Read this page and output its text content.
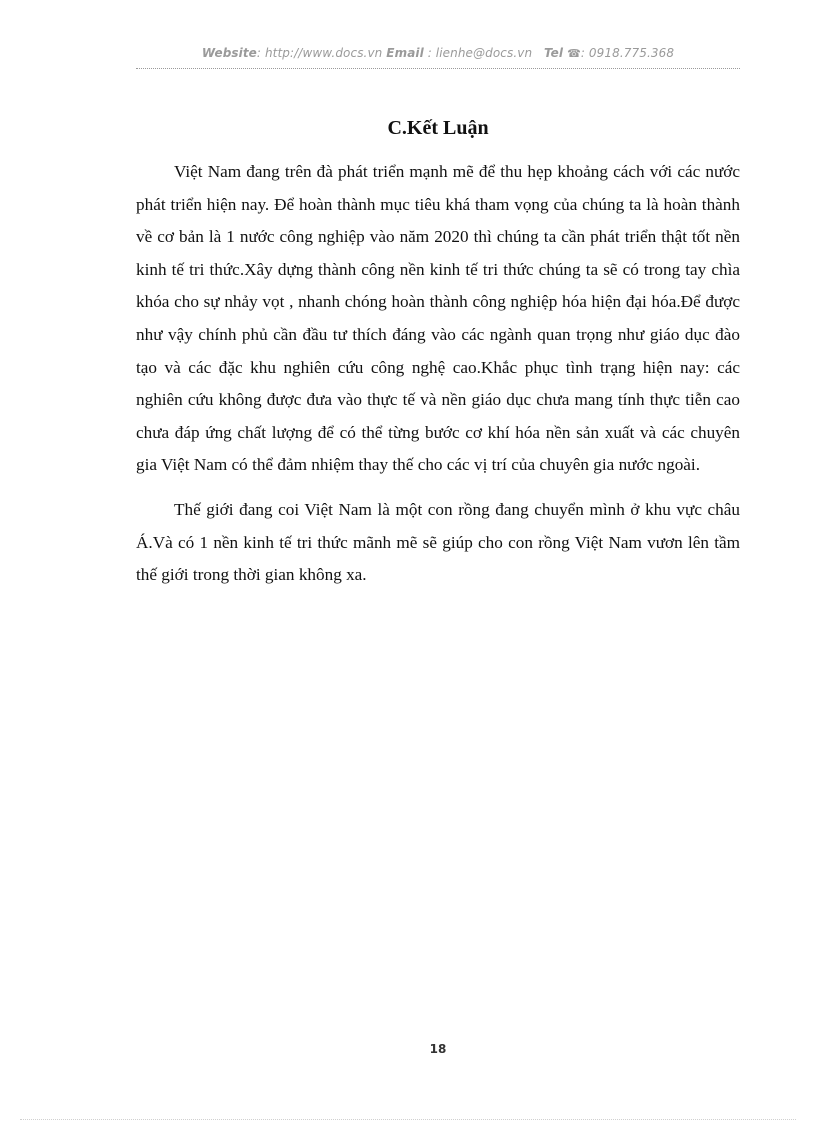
Website: http://www.docs.vn Email : lienhe@docs.vn Tel ☎: 0918.775.368
C.Kết Luận

Việt Nam đang trên đà phát triển mạnh mẽ để thu hẹp khoảng cách với các nước phát triển hiện nay. Để hoàn thành mục tiêu khá tham vọng của chúng ta là hoàn thành về cơ bản là 1 nước công nghiệp vào năm 2020 thì chúng ta cần phát triển thật tốt nền kinh tế tri thức.Xây dựng thành công nền kinh tế tri thức chúng ta sẽ có trong tay chìa khóa cho sự nhảy vọt , nhanh chóng hoàn thành công nghiệp hóa hiện đại hóa.Để được như vậy chính phủ cần đầu tư thích đáng vào các ngành quan trọng như giáo dục đào tạo và các đặc khu nghiên cứu công nghệ cao.Khắc phục tình trạng hiện nay: các nghiên cứu không được đưa vào thực tế và nền giáo dục chưa mang tính thực tiễn cao chưa đáp ứng chất lượng để có thể từng bước cơ khí hóa nền sản xuất và các chuyên gia Việt Nam có thể đảm nhiệm thay thế cho các vị trí của chuyên gia nước ngoài.

Thế giới đang coi Việt Nam là một con rồng đang chuyển mình ở khu vực châu Á.Và có 1 nền kinh tế tri thức mãnh mẽ sẽ giúp cho con rồng Việt Nam vươn lên tầm thế giới trong thời gian không xa.

18
